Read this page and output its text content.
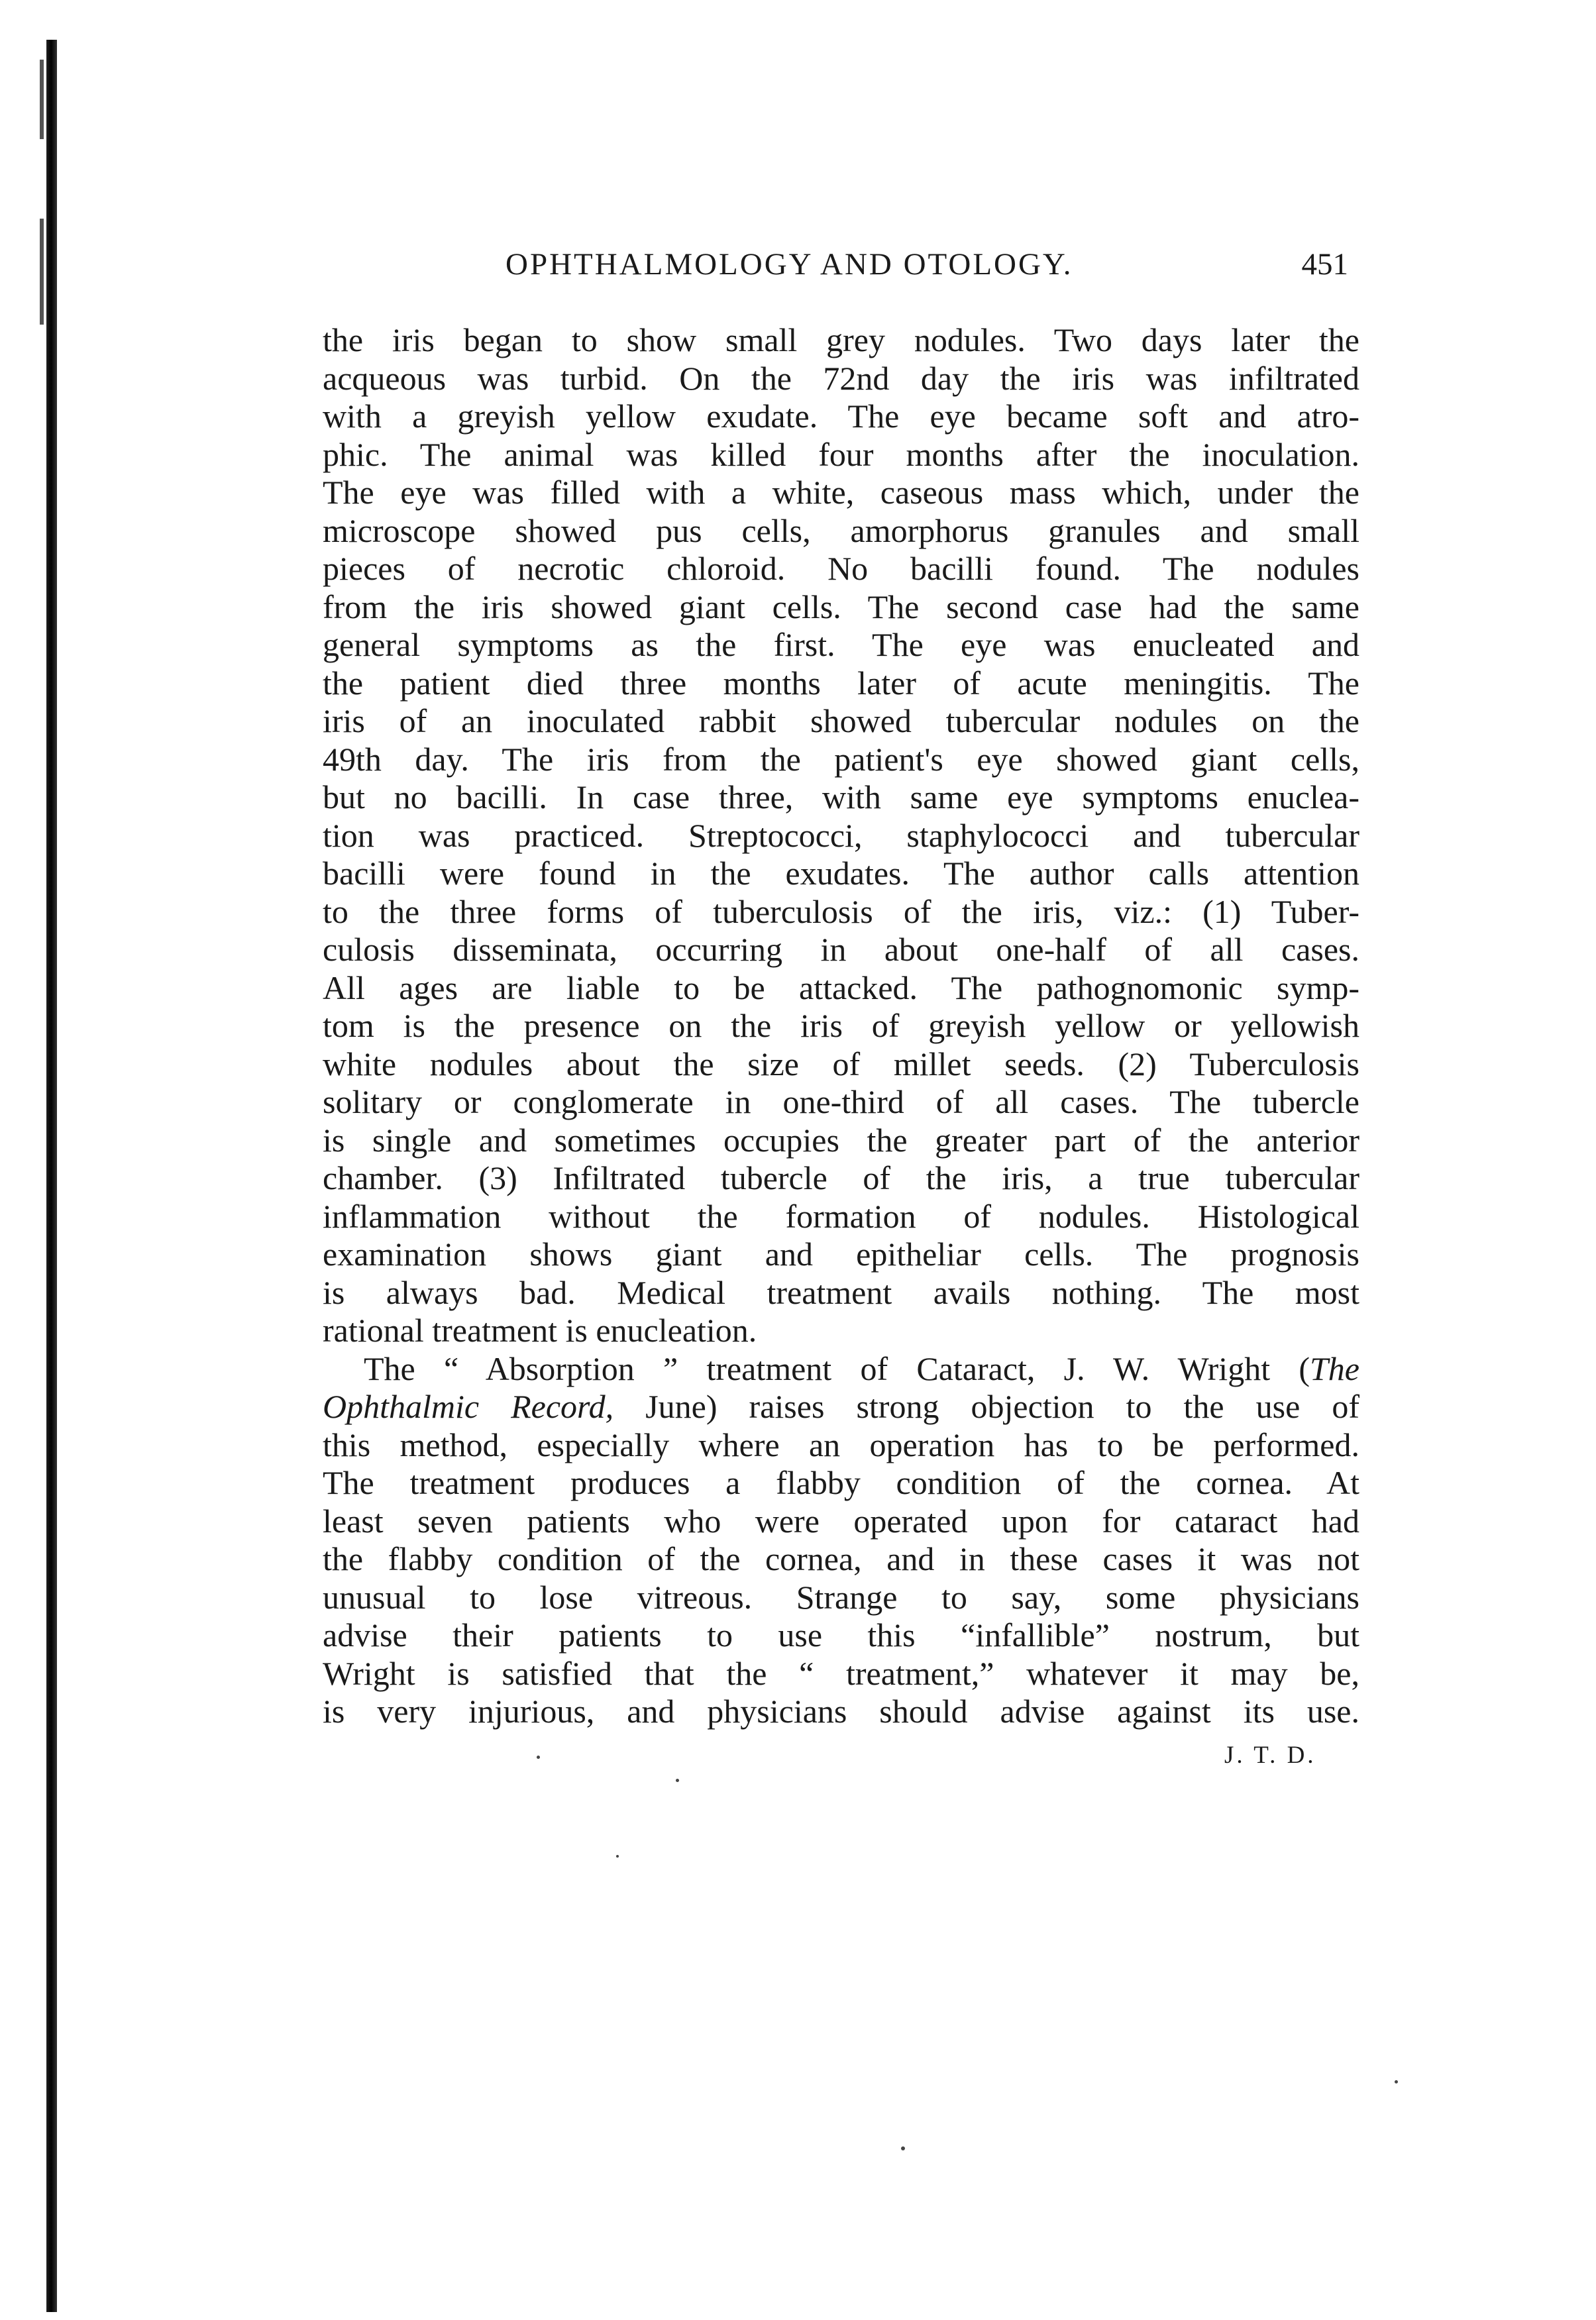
OPHTHALMOLOGY AND OTOLOGY.	451
the iris began to show small grey nodules. Two days later the
acqueous was turbid. On the 72nd day the iris was infiltrated
with a greyish yellow exudate. The eye became soft and atro-
phic. The animal was killed four months after the inoculation.
The eye was filled with a white, caseous mass which, under the
microscope showed pus cells, amorphorus granules and small
pieces of necrotic chloroid. No bacilli found. The nodules
from the iris showed giant cells. The second case had the same
general symptoms as the first. The eye was enucleated and
the patient died three months later of acute meningitis. The
iris of an inoculated rabbit showed tubercular nodules on the
49th day. The iris from the patient's eye showed giant cells,
but no bacilli. In case three, with same eye symptoms enuclea-
tion was practiced. Streptococci, staphylococci and tubercular
bacilli were found in the exudates. The author calls attention
to the three forms of tuberculosis of the iris, viz.: (1) Tuber-
culosis disseminata, occurring in about one-half of all cases.
All ages are liable to be attacked. The pathognomonic symp-
tom is the presence on the iris of greyish yellow or yellowish
white nodules about the size of millet seeds. (2) Tuberculosis
solitary or conglomerate in one-third of all cases. The tubercle
is single and sometimes occupies the greater part of the anterior
chamber. (3) Infiltrated tubercle of the iris, a true tubercular
inflammation without the formation of nodules. Histological
examination shows giant and epitheliar cells. The prognosis
is always bad. Medical treatment avails nothing. The most
rational treatment is enucleation.
The “ Absorption ” treatment of Cataract, J. W. Wright (The
Ophthalmic Record, June) raises strong objection to the use of
this method, especially where an operation has to be performed.
The treatment produces a flabby condition of the cornea. At
least seven patients who were operated upon for cataract had
the flabby condition of the cornea, and in these cases it was not
unusual to lose vitreous. Strange to say, some physicians
advise their patients to use this “infallible” nostrum, but
Wright is satisfied that the “ treatment,” whatever it may be,
is very injurious, and physicians should advise against its use.
J. T. D.
